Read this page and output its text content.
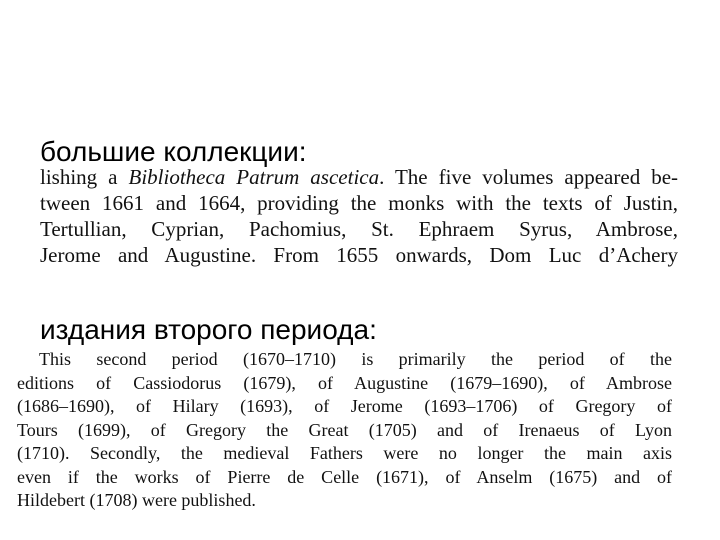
большие коллекции:
lishing a Bibliotheca Patrum ascetica. The five volumes appeared be-
tween 1661 and 1664, providing the monks with the texts of Justin,
Tertullian, Cyprian, Pachomius, St. Ephraem Syrus, Ambrose,
Jerome and Augustine. From 1655 onwards, Dom Luc d’Achery
издания второго периода:
This second period (1670–1710) is primarily the period of the
editions of Cassiodorus (1679), of Augustine (1679–1690), of Ambrose
(1686–1690), of Hilary (1693), of Jerome (1693–1706) of Gregory of
Tours (1699), of Gregory the Great (1705) and of Irenaeus of Lyon
(1710). Secondly, the medieval Fathers were no longer the main axis
even if the works of Pierre de Celle (1671), of Anselm (1675) and of
Hildebert (1708) were published.
